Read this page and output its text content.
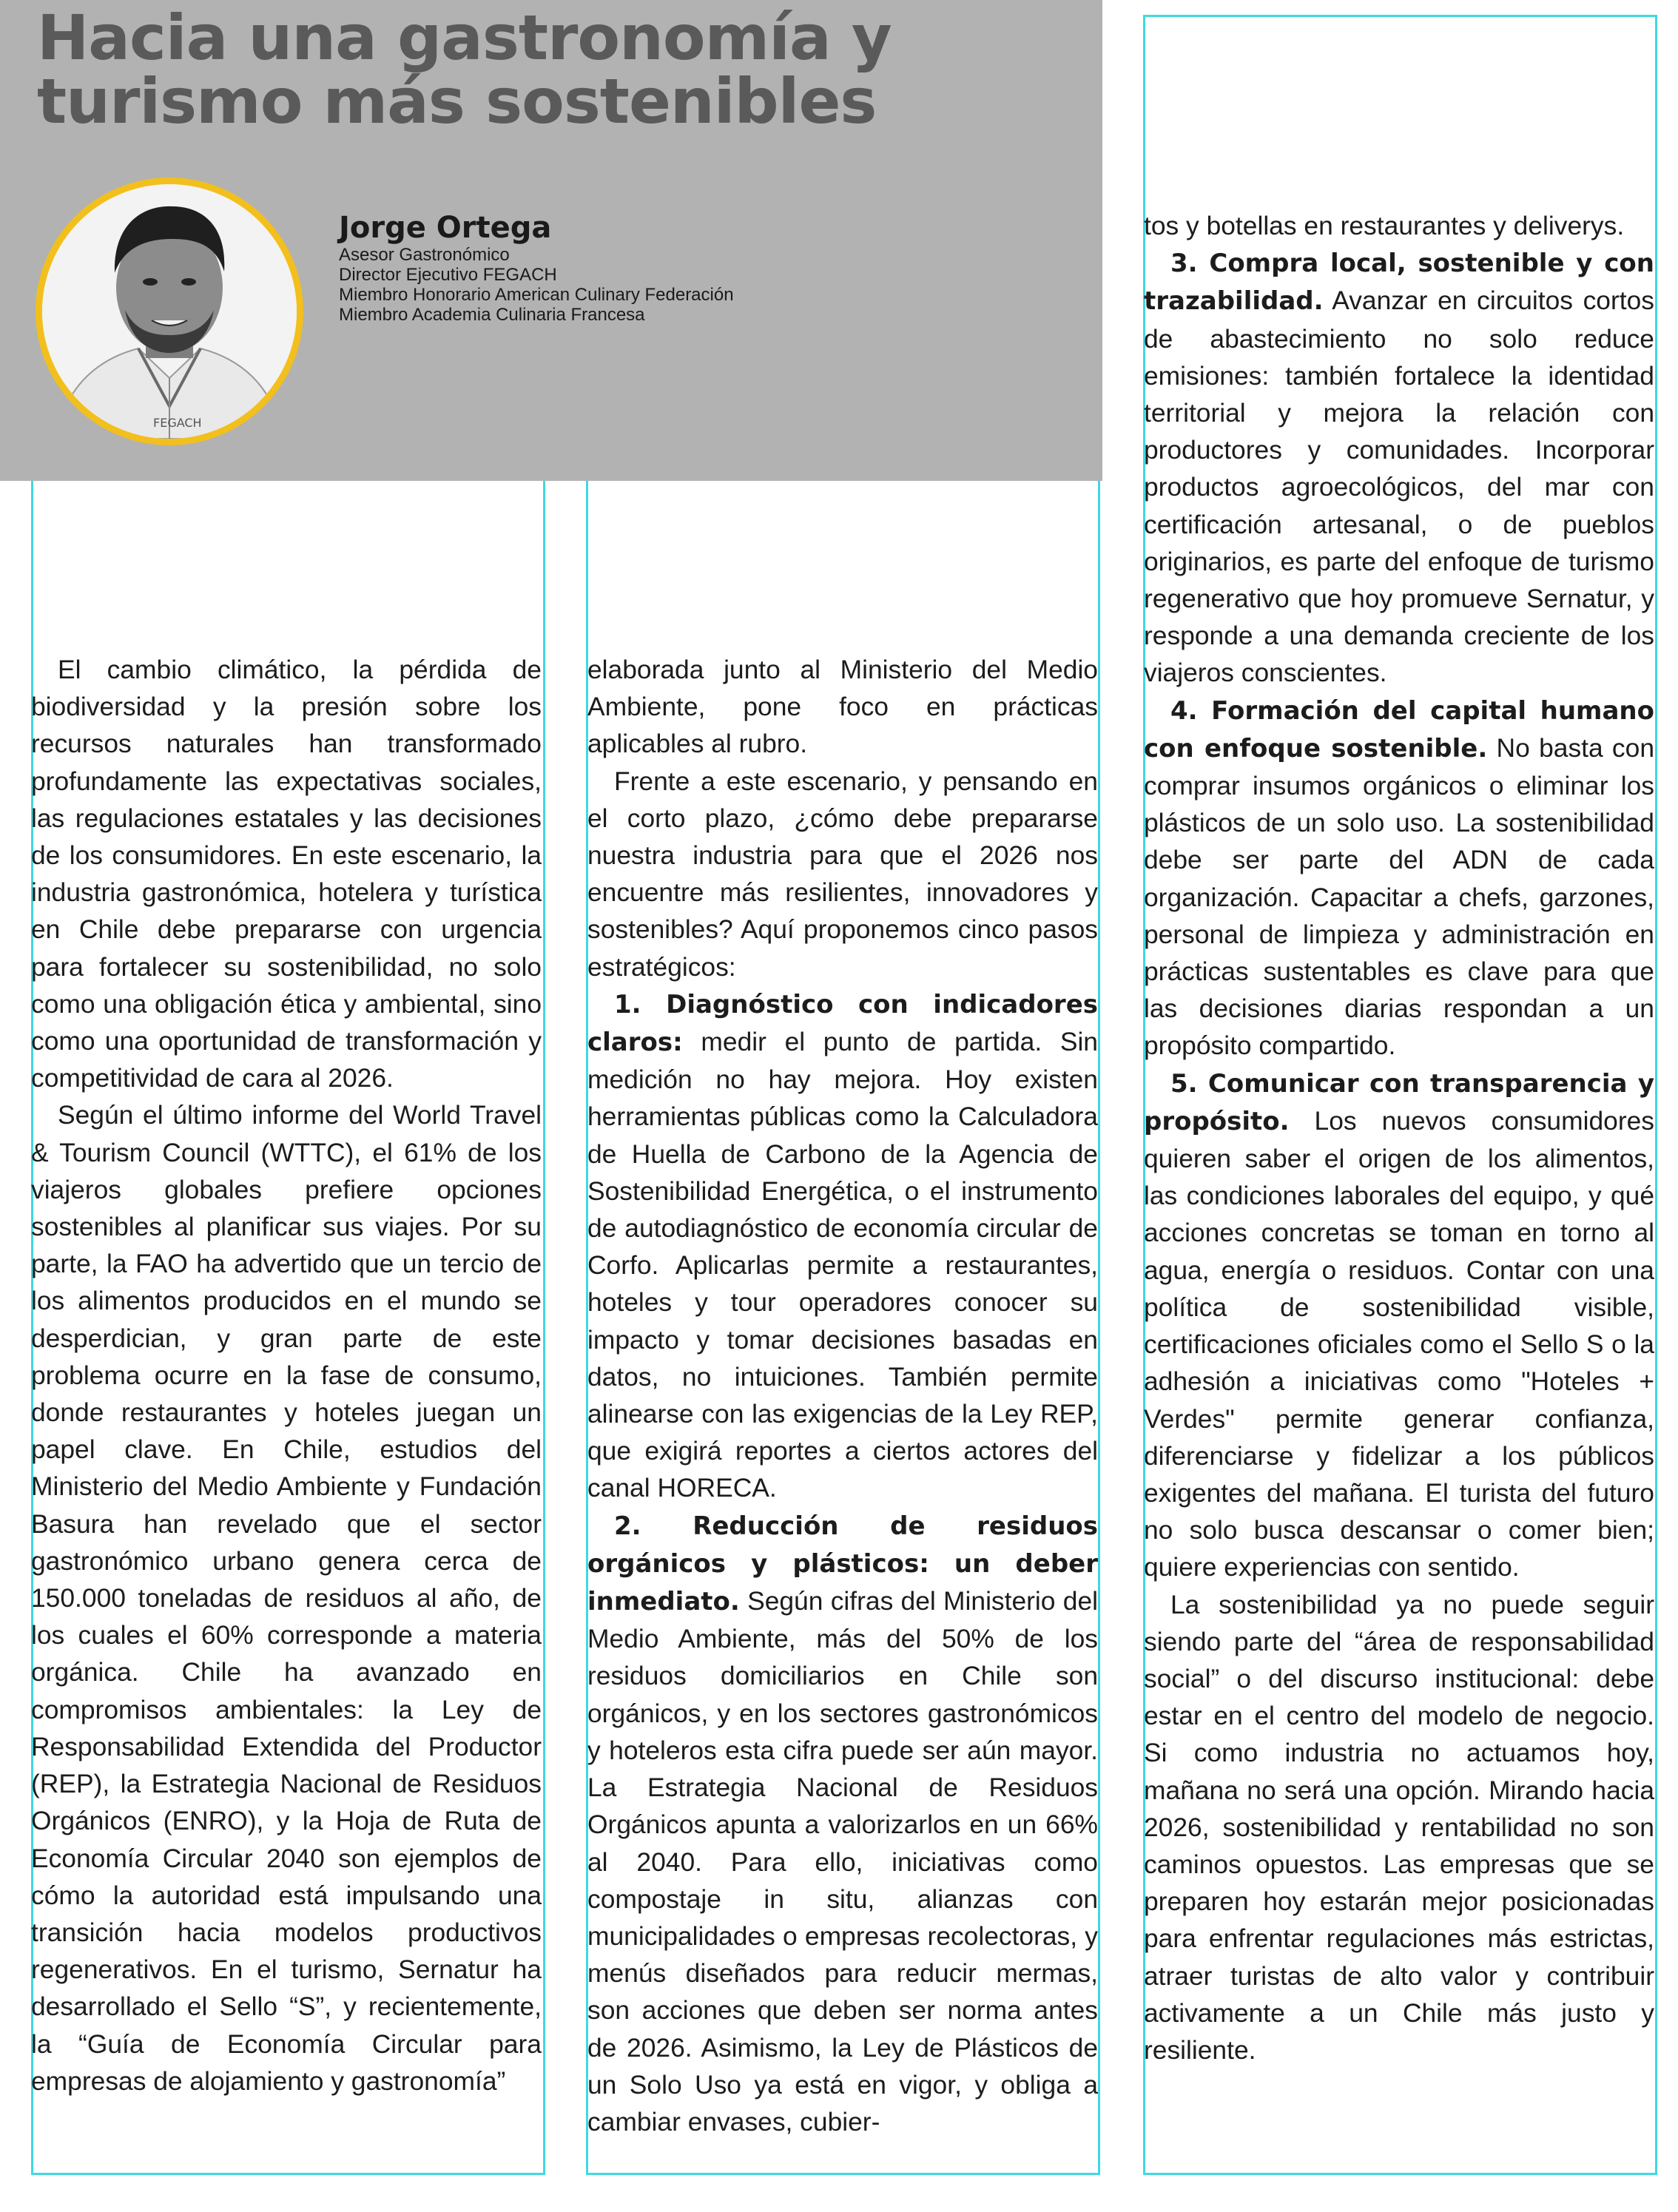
Hacia una gastronomía y
turismo más sostenibles
FEGACH
Jorge Ortega
Asesor Gastronómico
Director Ejecutivo FEGACH
Miembro Honorario American Culinary Federación
Miembro Academia Culinaria Francesa

El cambio climático, la pérdida de biodiversidad y la presión sobre los recursos naturales han transformado profundamente las expectativas sociales, las regulaciones estatales y las decisiones de los consumidores. En este escenario, la industria gastronómica, hotelera y turística en Chile debe prepararse con urgencia para fortalecer su sostenibilidad, no solo como una obligación ética y ambiental, sino como una oportunidad de transformación y competitividad de cara al 2026.

Según el último informe del World Travel & Tourism Council (WTTC), el 61% de los viajeros globales prefiere opciones sostenibles al planificar sus viajes. Por su parte, la FAO ha advertido que un tercio de los alimentos producidos en el mundo se desperdician, y gran parte de este problema ocurre en la fase de consumo, donde restaurantes y hoteles juegan un papel clave. En Chile, estudios del Ministerio del Medio Ambiente y Fundación Basura han revelado que el sector gastronómico urbano genera cerca de 150.000 toneladas de residuos al año, de los cuales el 60% corresponde a materia orgánica. Chile ha avanzado en compromisos ambientales: la Ley de Responsabilidad Extendida del Productor (REP), la Estrategia Nacional de Residuos Orgánicos (ENRO), y la Hoja de Ruta de Economía Circular 2040 son ejemplos de cómo la autoridad está impulsando una transición hacia modelos productivos regenerativos. En el turismo, Sernatur ha desarrollado el Sello “S”, y recientemente, la “Guía de Economía Circular para empresas de alojamiento y gastronomía”

elaborada junto al Ministerio del Medio Ambiente, pone foco en prácticas aplicables al rubro.

Frente a este escenario, y pensando en el corto plazo, ¿cómo debe prepararse nuestra industria para que el 2026 nos encuentre más resilientes, innovadores y sostenibles? Aquí proponemos cinco pasos estratégicos:

1. Diagnóstico con indicadores claros: medir el punto de partida. Sin medición no hay mejora. Hoy existen herramientas públicas como la Calculadora de Huella de Carbono de la Agencia de Sostenibilidad Energética, o el instrumento de autodiagnóstico de economía circular de Corfo. Aplicarlas permite a restaurantes, hoteles y tour operadores conocer su impacto y tomar decisiones basadas en datos, no intuiciones. También permite alinearse con las exigencias de la Ley REP, que exigirá reportes a ciertos actores del canal HORECA.

2. Reducción de residuos orgánicos y plásticos: un deber inmediato. Según cifras del Ministerio del Medio Ambiente, más del 50% de los residuos domiciliarios en Chile son orgánicos, y en los sectores gastronómicos y hoteleros esta cifra puede ser aún mayor. La Estrategia Nacional de Residuos Orgánicos apunta a valorizarlos en un 66% al 2040. Para ello, iniciativas como compostaje in situ, alianzas con municipalidades o empresas recolectoras, y menús diseñados para reducir mermas, son acciones que deben ser norma antes de 2026. Asimismo, la Ley de Plásticos de un Solo Uso ya está en vigor, y obliga a cambiar envases, cubier-

tos y botellas en restaurantes y deliverys.

3. Compra local, sostenible y con trazabilidad. Avanzar en circuitos cortos de abastecimiento no solo reduce emisiones: también fortalece la identidad territorial y mejora la relación con productores y comunidades. Incorporar productos agroecológicos, del mar con certificación artesanal, o de pueblos originarios, es parte del enfoque de turismo regenerativo que hoy promueve Sernatur, y responde a una demanda creciente de los viajeros conscientes.

4. Formación del capital humano con enfoque sostenible. No basta con comprar insumos orgánicos o eliminar los plásticos de un solo uso. La sostenibilidad debe ser parte del ADN de cada organización. Capacitar a chefs, garzones, personal de limpieza y administración en prácticas sustentables es clave para que las decisiones diarias respondan a un propósito compartido.

5. Comunicar con transparencia y propósito. Los nuevos consumidores quieren saber el origen de los alimentos, las condiciones laborales del equipo, y qué acciones concretas se toman en torno al agua, energía o residuos. Contar con una política de sostenibilidad visible, certificaciones oficiales como el Sello S o la adhesión a iniciativas como "Hoteles + Verdes" permite generar confianza, diferenciarse y fidelizar a los públicos exigentes del mañana. El turista del futuro no solo busca descansar o comer bien; quiere experiencias con sentido.

La sostenibilidad ya no puede seguir siendo parte del “área de responsabilidad social” o del discurso institucional: debe estar en el centro del modelo de negocio. Si como industria no actuamos hoy, mañana no será una opción. Mirando hacia 2026, sostenibilidad y rentabilidad no son caminos opuestos. Las empresas que se preparen hoy estarán mejor posicionadas para enfrentar regulaciones más estrictas, atraer turistas de alto valor y contribuir activamente a un Chile más justo y resiliente.
